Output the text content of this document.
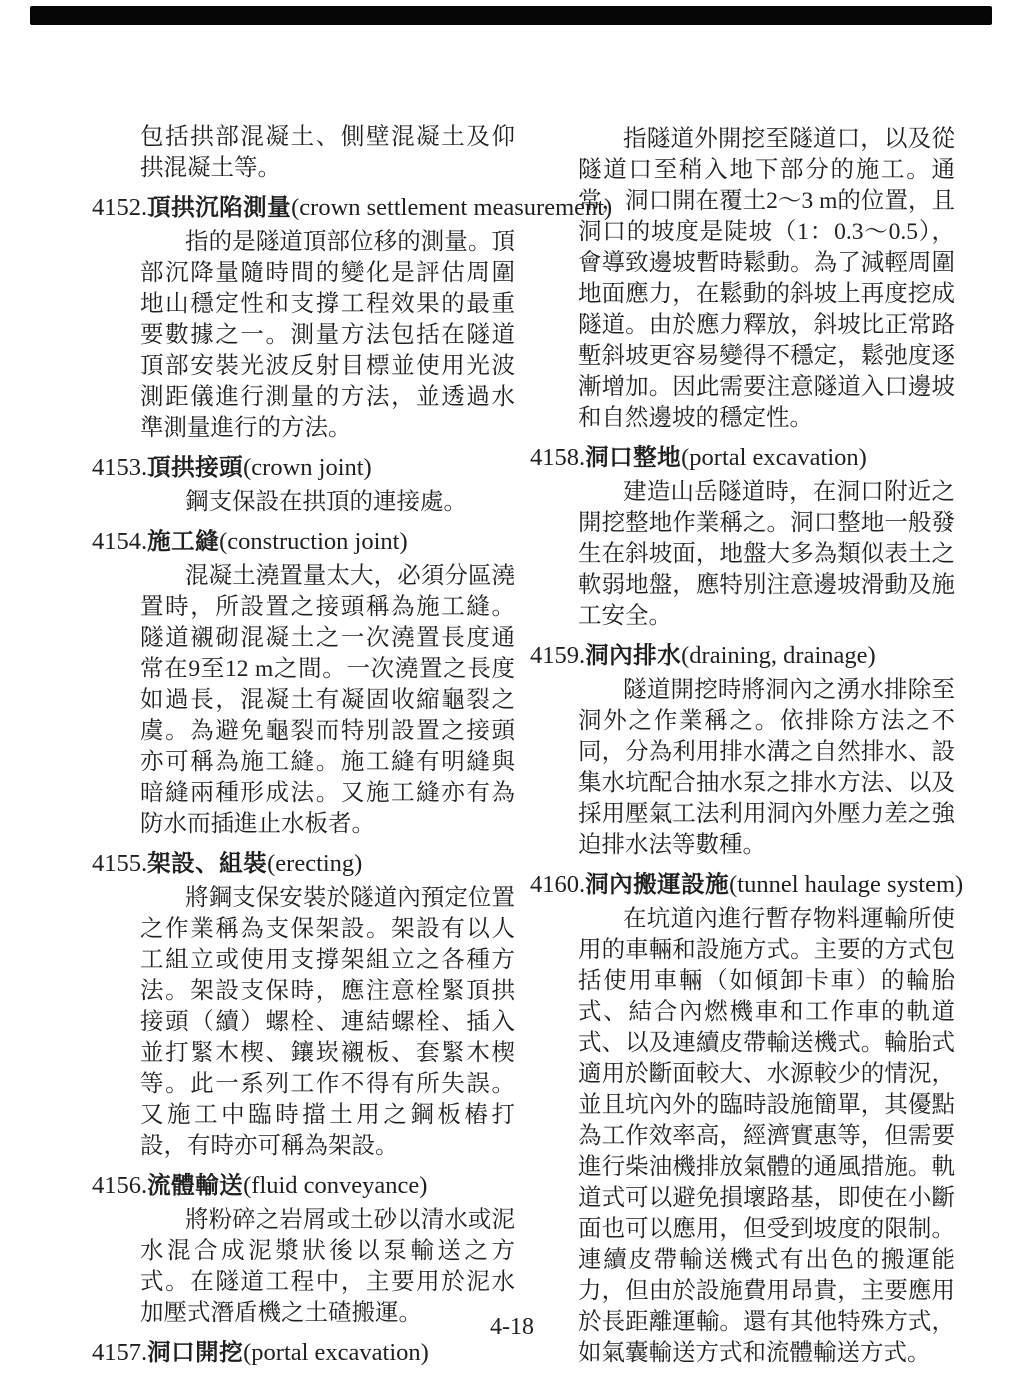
包括拱部混凝土、側壁混凝土及仰拱混凝土等。

4152.頂拱沉陷測量(crown settlement measurement)

指的是隧道頂部位移的測量。頂部沉降量隨時間的變化是評估周圍地山穩定性和支撐工程效果的最重要數據之一。測量方法包括在隧道頂部安裝光波反射目標並使用光波測距儀進行測量的方法，並透過水準測量進行的方法。

4153.頂拱接頭(crown joint)

鋼支保設在拱頂的連接處。

4154.施工縫(construction joint)

混凝土澆置量太大，必須分區澆置時，所設置之接頭稱為施工縫。隧道襯砌混凝土之一次澆置長度通常在9至12 m之間。一次澆置之長度如過長，混凝土有凝固收縮龜裂之虞。為避免龜裂而特別設置之接頭亦可稱為施工縫。施工縫有明縫與暗縫兩種形成法。又施工縫亦有為防水而插進止水板者。

4155.架設、組裝(erecting)

將鋼支保安裝於隧道內預定位置之作業稱為支保架設。架設有以人工組立或使用支撐架組立之各種方法。架設支保時，應注意栓緊頂拱接頭（續）螺栓、連結螺栓、插入並打緊木楔、鑲崁襯板、套緊木楔等。此一系列工作不得有所失誤。又施工中臨時擋土用之鋼板樁打設，有時亦可稱為架設。

4156.流體輸送(fluid conveyance)

將粉碎之岩屑或土砂以清水或泥水混合成泥漿狀後以泵輸送之方式。在隧道工程中，主要用於泥水加壓式潛盾機之土碴搬運。

4157.洞口開挖(portal excavation)

指隧道外開挖至隧道口，以及從隧道口至稍入地下部分的施工。通常，洞口開在覆土2～3 m的位置，且洞口的坡度是陡坡（1：0.3～0.5），會導致邊坡暫時鬆動。為了減輕周圍地面應力，在鬆動的斜坡上再度挖成隧道。由於應力釋放，斜坡比正常路塹斜坡更容易變得不穩定，鬆弛度逐漸增加。因此需要注意隧道入口邊坡和自然邊坡的穩定性。

4158.洞口整地(portal excavation)

建造山岳隧道時，在洞口附近之開挖整地作業稱之。洞口整地一般發生在斜坡面，地盤大多為類似表土之軟弱地盤，應特別注意邊坡滑動及施工安全。

4159.洞內排水(draining, drainage)

隧道開挖時將洞內之湧水排除至洞外之作業稱之。依排除方法之不同，分為利用排水溝之自然排水、設集水坑配合抽水泵之排水方法、以及採用壓氣工法利用洞內外壓力差之強迫排水法等數種。

4160.洞內搬運設施(tunnel haulage system)

在坑道內進行暫存物料運輸所使用的車輛和設施方式。主要的方式包括使用車輛（如傾卸卡車）的輪胎式、結合內燃機車和工作車的軌道式、以及連續皮帶輸送機式。輪胎式適用於斷面較大、水源較少的情況，並且坑內外的臨時設施簡單，其優點為工作效率高，經濟實惠等，但需要進行柴油機排放氣體的通風措施。軌道式可以避免損壞路基，即使在小斷面也可以應用，但受到坡度的限制。連續皮帶輸送機式有出色的搬運能力，但由於設施費用昂貴，主要應用於長距離運輸。還有其他特殊方式，如氣囊輸送方式和流體輸送方式。

4-18
